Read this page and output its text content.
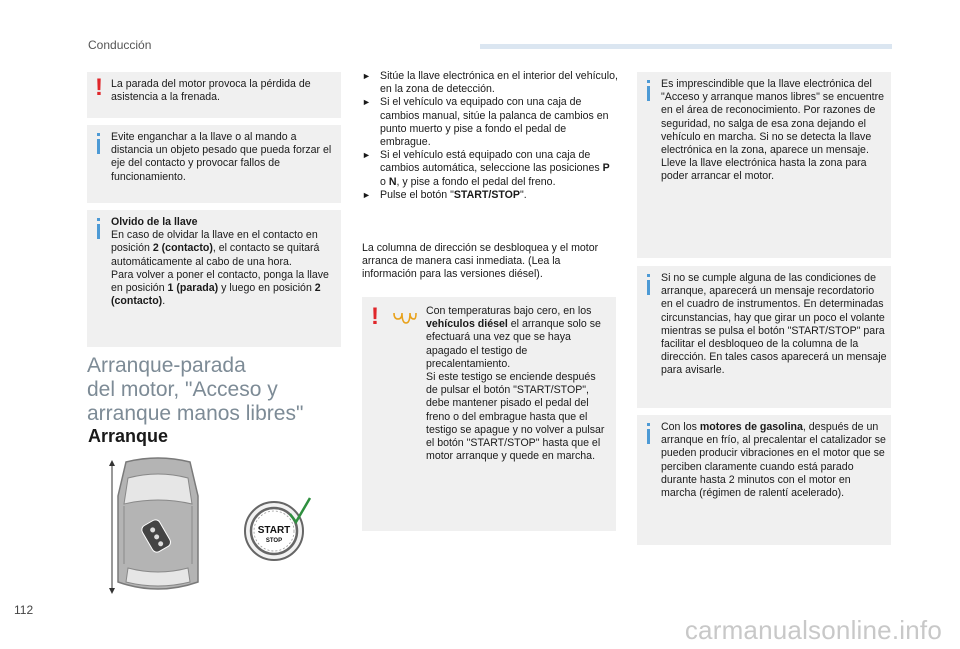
Conducción
! La parada del motor provoca la pérdida de asistencia a la frenada.

Evite enganchar a la llave o al mando a distancia un objeto pesado que pueda forzar el eje del contacto y provocar fallos de funcionamiento.

Olvido de la llave

En caso de olvidar la llave en el contacto en posición 2 (contacto), el contacto se quitará automáticamente al cabo de una hora.

Para volver a poner el contacto, ponga la llave en posición 1 (parada) y luego en posición 2 (contacto).

Arranque-parada
del motor, "Acceso y
arranque manos libres"
Arranque
START
STOP
► Sitúe la llave electrónica en el interior del vehículo, en la zona de detección.

► Si el vehículo va equipado con una caja de cambios manual, sitúe la palanca de cambios en punto muerto y pise a fondo el pedal de embrague.

► Si el vehículo está equipado con una caja de cambios automática, seleccione las posiciones P o N, y pise a fondo el pedal del freno.

► Pulse el botón "START/STOP".

La columna de dirección se desbloquea y el motor arranca de manera casi inmediata. (Lea la información para las versiones diésel).
!	Con temperaturas bajo cero, en los vehículos diésel el arranque solo se efectuará una vez que se haya apagado el testigo de precalentamiento.

Si este testigo se enciende después de pulsar el botón "START/STOP", debe mantener pisado el pedal del freno o del embrague hasta que el testigo se apague y no volver a pulsar el botón "START/STOP" hasta que el motor arranque y quede en marcha.

Es imprescindible que la llave electrónica del "Acceso y arranque manos libres" se encuentre en el área de reconocimiento. Por razones de seguridad, no salga de esa zona dejando el vehículo en marcha. Si no se detecta la llave electrónica en la zona, aparece un mensaje. Lleve la llave electrónica hasta la zona para poder arrancar el motor.

Si no se cumple alguna de las condiciones de arranque, aparecerá un mensaje recordatorio en el cuadro de instrumentos. En determinadas circunstancias, hay que girar un poco el volante mientras se pulsa el botón "START/STOP" para facilitar el desbloqueo de la columna de la dirección. En tales casos aparecerá un mensaje para avisarle.

Con los motores de gasolina, después de un arranque en frío, al precalentar el catalizador se pueden producir vibraciones en el motor que se perciben claramente cuando está parado durante hasta 2 minutos con el motor en marcha (régimen de ralentí acelerado).

112
carmanualsonline.info
